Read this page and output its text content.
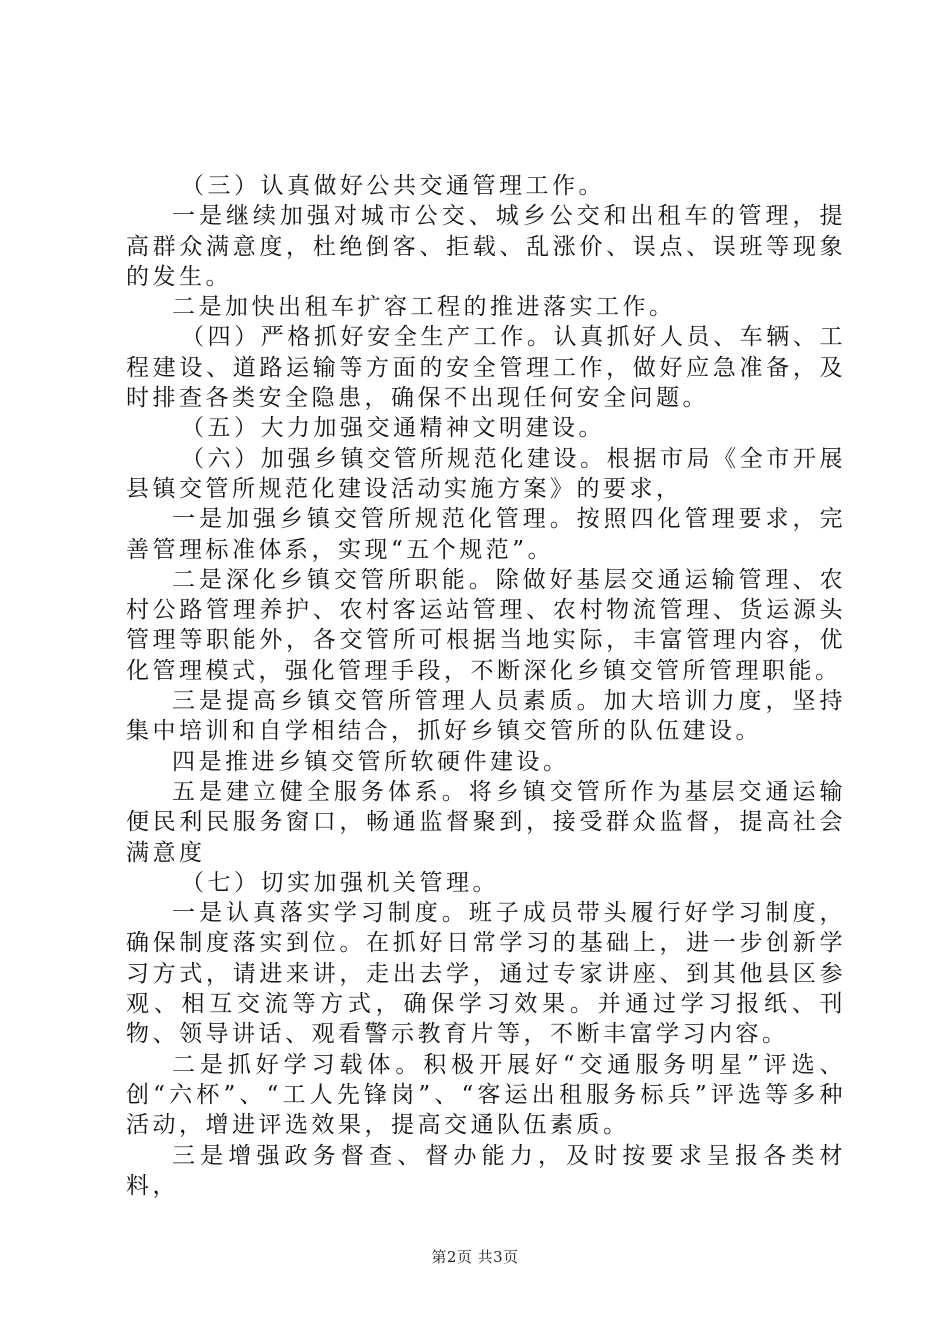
（三）认真做好公共交通管理工作。

一是继续加强对城市公交、城乡公交和出租车的管理，提高群众满意度，杜绝倒客、拒载、乱涨价、误点、误班等现象的发生。

二是加快出租车扩容工程的推进落实工作。

（四）严格抓好安全生产工作。认真抓好人员、车辆、工程建设、道路运输等方面的安全管理工作，做好应急准备，及时排查各类安全隐患，确保不出现任何安全问题。

（五）大力加强交通精神文明建设。

（六）加强乡镇交管所规范化建设。根据市局《全市开展县镇交管所规范化建设活动实施方案》的要求，

一是加强乡镇交管所规范化管理。按照四化管理要求，完善管理标准体系，实现“五个规范”。

二是深化乡镇交管所职能。除做好基层交通运输管理、农村公路管理养护、农村客运站管理、农村物流管理、货运源头管理等职能外，各交管所可根据当地实际，丰富管理内容，优化管理模式，强化管理手段，不断深化乡镇交管所管理职能。

三是提高乡镇交管所管理人员素质。加大培训力度，坚持集中培训和自学相结合，抓好乡镇交管所的队伍建设。

四是推进乡镇交管所软硬件建设。

五是建立健全服务体系。将乡镇交管所作为基层交通运输便民利民服务窗口，畅通监督聚到，接受群众监督，提高社会满意度

（七）切实加强机关管理。

一是认真落实学习制度。班子成员带头履行好学习制度，确保制度落实到位。在抓好日常学习的基础上，进一步创新学习方式，请进来讲，走出去学，通过专家讲座、到其他县区参观、相互交流等方式，确保学习效果。并通过学习报纸、刊物、领导讲话、观看警示教育片等，不断丰富学习内容。

二是抓好学习载体。积极开展好“交通服务明星”评选、创“六杯”、“工人先锋岗”、“客运出租服务标兵”评选等多种活动，增进评选效果，提高交通队伍素质。

三是增强政务督查、督办能力，及时按要求呈报各类材料，

第2页 共3页
